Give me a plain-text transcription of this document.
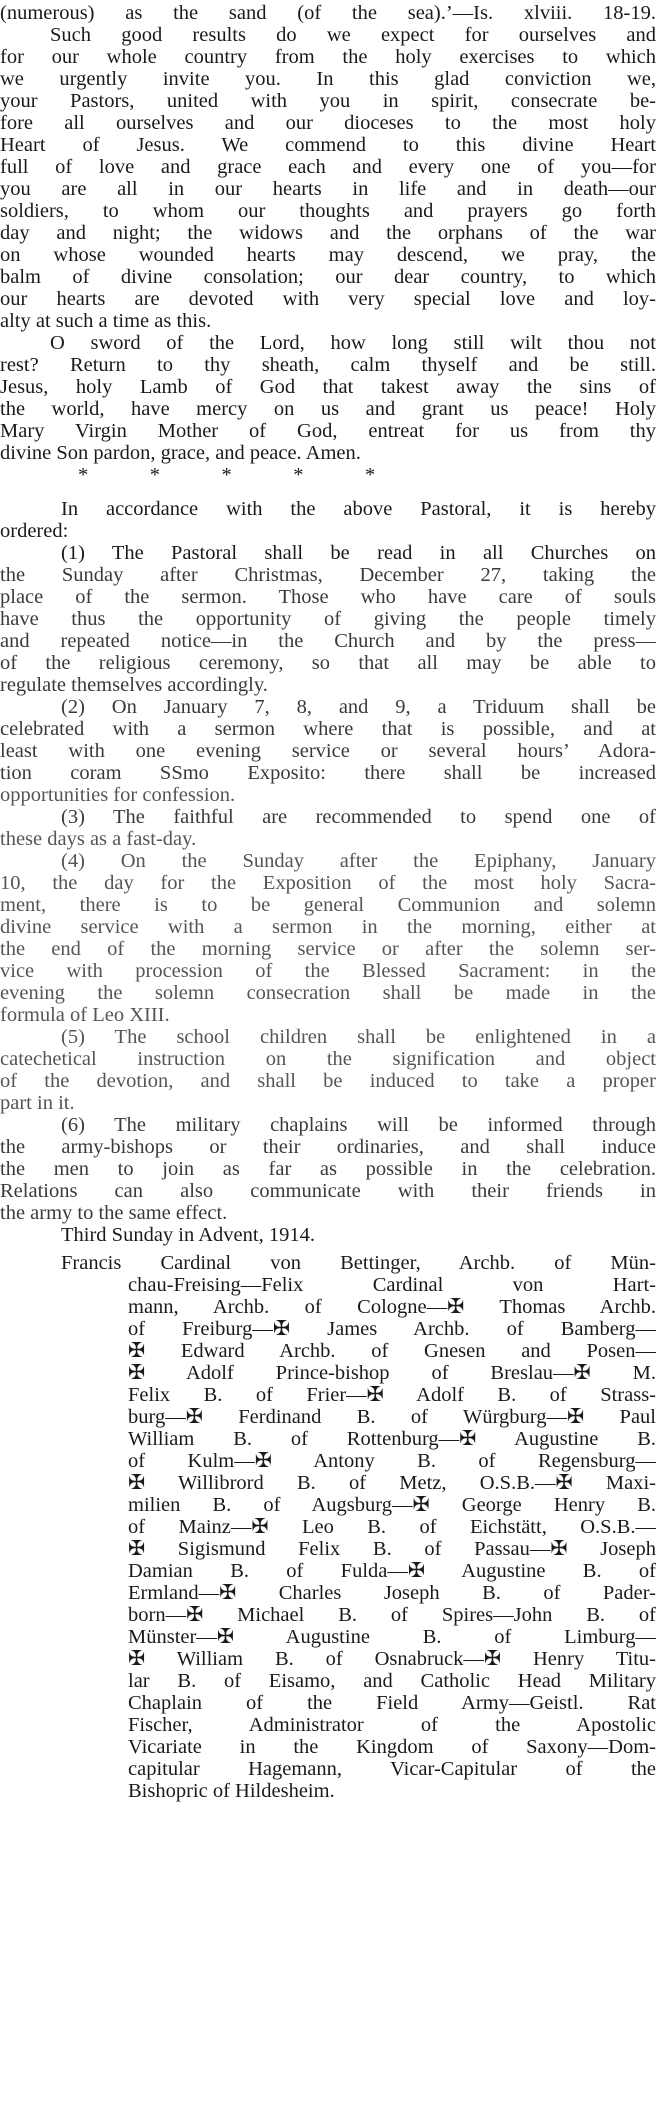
(numerous) as the sand (of the sea).’—Is. xlviii. 18-19.
Such good results do we expect for ourselves and
for our whole country from the holy exercises to which
we urgently invite you. In this glad conviction we,
your Pastors, united with you in spirit, consecrate be-
fore all ourselves and our dioceses to the most holy
Heart of Jesus. We commend to this divine Heart
full of love and grace each and every one of you—for
you are all in our hearts in life and in death—our
soldiers, to whom our thoughts and prayers go forth
day and night; the widows and the orphans of the war
on whose wounded hearts may descend, we pray, the
balm of divine consolation; our dear country, to which
our hearts are devoted with very special love and loy-
alty at such a time as this.
O sword of the Lord, how long still wilt thou not
rest? Return to thy sheath, calm thyself and be still.
Jesus, holy Lamb of God that takest away the sins of
the world, have mercy on us and grant us peace! Holy
Mary Virgin Mother of God, entreat for us from thy
divine Son pardon, grace, and peace. Amen.
*            *            *            *            *
In accordance with the above Pastoral, it is hereby
ordered:
(1) The Pastoral shall be read in all Churches on
the Sunday after Christmas, December 27, taking the
place of the sermon. Those who have care of souls
have thus the opportunity of giving the people timely
and repeated notice—in the Church and by the press—
of the religious ceremony, so that all may be able to
regulate themselves accordingly.
(2) On January 7, 8, and 9, a Triduum shall be
celebrated with a sermon where that is possible, and at
least with one evening service or several hours’ Adora-
tion coram SSmo Exposito: there shall be increased
opportunities for confession.
(3) The faithful are recommended to spend one of
these days as a fast-day.
(4) On the Sunday after the Epiphany, January
10, the day for the Exposition of the most holy Sacra-
ment, there is to be general Communion and solemn
divine service with a sermon in the morning, either at
the end of the morning service or after the solemn ser-
vice with procession of the Blessed Sacrament: in the
evening the solemn consecration shall be made in the
formula of Leo XIII.
(5) The school children shall be enlightened in a
catechetical instruction on the signification and object
of the devotion, and shall be induced to take a proper
part in it.
(6) The military chaplains will be informed through
the army-bishops or their ordinaries, and shall induce
the men to join as far as possible in the celebration.
Relations can also communicate with their friends in
the army to the same effect.
Third Sunday in Advent, 1914.
Francis Cardinal von Bettinger, Archb. of Mün-
chau-Freising—Felix Cardinal von Hart-
mann, Archb. of Cologne—✠ Thomas Archb.
of Freiburg—✠ James Archb. of Bamberg—
✠ Edward Archb. of Gnesen and Posen—
✠ Adolf Prince-bishop of Breslau—✠ M.
Felix B. of Frier—✠ Adolf B. of Strass-
burg—✠ Ferdinand B. of Würgburg—✠ Paul
William B. of Rottenburg—✠ Augustine B.
of Kulm—✠ Antony B. of Regensburg—
✠ Willibrord B. of Metz, O.S.B.—✠ Maxi-
milien B. of Augsburg—✠ George Henry B.
of Mainz—✠ Leo B. of Eichstätt, O.S.B.—
✠ Sigismund Felix B. of Passau—✠ Joseph
Damian B. of Fulda—✠ Augustine B. of
Ermland—✠ Charles Joseph B. of Pader-
born—✠ Michael B. of Spires—John B. of
Münster—✠ Augustine B. of Limburg—
✠ William B. of Osnabruck—✠ Henry Titu-
lar B. of Eisamo, and Catholic Head Military
Chaplain of the Field Army—Geistl. Rat
Fischer, Administrator of the Apostolic
Vicariate in the Kingdom of Saxony—Dom-
capitular Hagemann, Vicar-Capitular of the
Bishopric of Hildesheim.
